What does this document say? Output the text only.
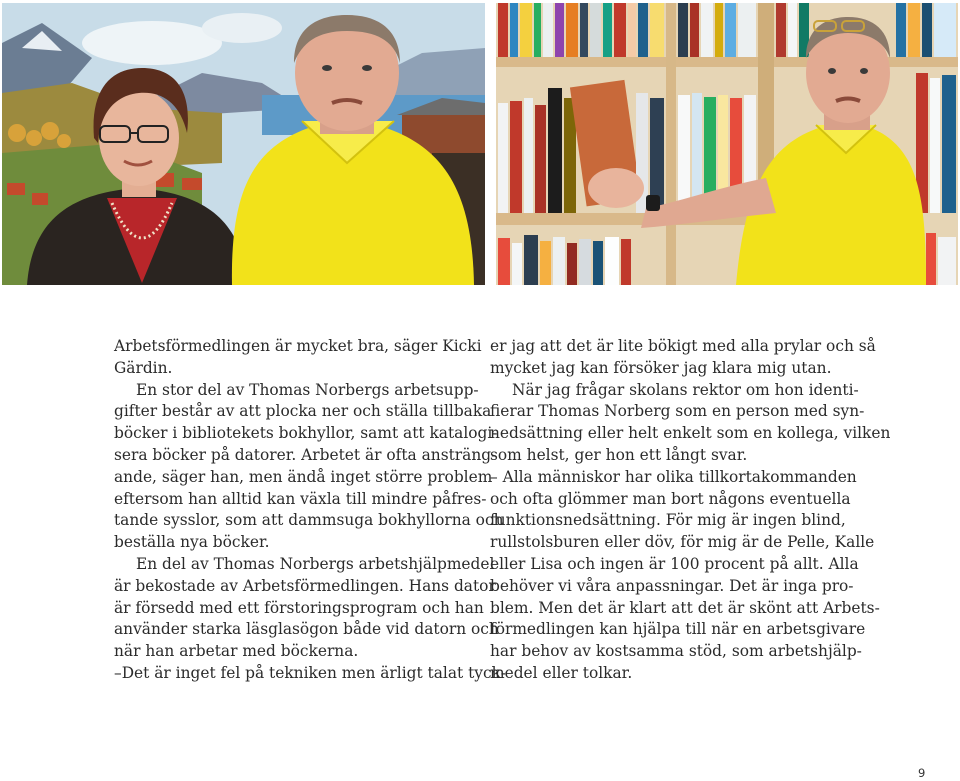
Arbetsförmedlingen är mycket bra, säger Kicki

Gärdin.

En stor del av Thomas Norbergs arbetsupp-

gifter består av att plocka ner och ställa tillbaka

böcker i bibliotekets bokhyllor, samt att katalogi-

sera böcker på datorer. Arbetet är ofta ansträng-

ande, säger han, men ändå inget större problem

eftersom han alltid kan växla till mindre påfres-

tande sysslor, som att dammsuga bokhyllorna och

beställa nya böcker.

En del av Thomas Norbergs arbetshjälpmedel

är bekostade av Arbetsförmedlingen. Hans dator

är försedd med ett förstoringsprogram och han

använder starka läsglasögon både vid datorn och

när han arbetar med böckerna.

–Det är inget fel på tekniken men ärligt talat tyck-

er jag att det är lite bökigt med alla prylar och så

mycket jag kan försöker jag klara mig utan.

När jag frågar skolans rektor om hon identi-

fierar Thomas Norberg som en person med syn-

nedsättning eller helt enkelt som en kollega, vilken

som helst, ger hon ett långt svar.

– Alla människor har olika tillkortakommanden

och ofta glömmer man bort någons eventuella

funktionsnedsättning. För mig är ingen blind,

rullstolsburen eller döv, för mig är de Pelle, Kalle

eller Lisa och ingen är 100 procent på allt. Alla

behöver vi våra anpassningar. Det är inga pro-

blem. Men det är klart att det är skönt att Arbets-

förmedlingen kan hjälpa till när en arbetsgivare

har behov av kostsamma stöd, som arbetshjälp-

medel eller tolkar.

9
